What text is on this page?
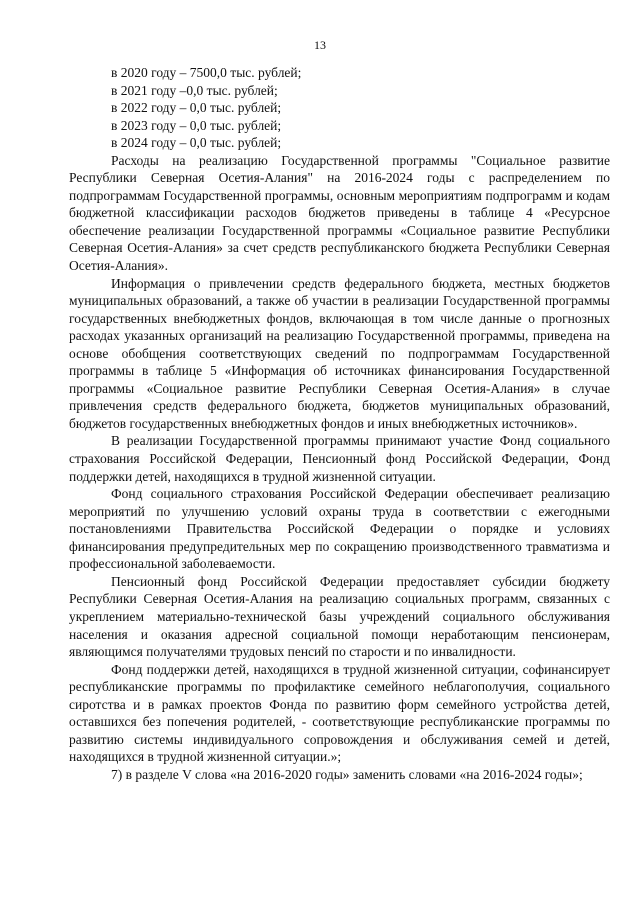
13

в 2020 году – 7500,0 тыс. рублей;

в 2021 году –0,0 тыс. рублей;

в 2022 году – 0,0 тыс. рублей;

в 2023 году – 0,0 тыс. рублей;

в 2024 году – 0,0 тыс. рублей;

Расходы на реализацию Государственной программы "Социальное развитие Республики Северная Осетия-Алания" на 2016-2024 годы с распределением по подпрограммам Государственной программы, основным мероприятиям подпрограмм и кодам бюджетной классификации расходов бюджетов приведены в таблице 4 «Ресурсное обеспечение реализации Государственной программы «Социальное развитие Республики Северная Осетия-Алания» за счет средств республиканского бюджета Республики Северная Осетия-Алания».

Информация о привлечении средств федерального бюджета, местных бюджетов муниципальных образований, а также об участии в реализации Государственной программы государственных внебюджетных фондов, включающая в том числе данные о прогнозных расходах указанных организаций на реализацию Государственной программы, приведена на основе обобщения соответствующих сведений по подпрограммам Государственной программы в таблице 5 «Информация об источниках финансирования Государственной программы «Социальное развитие Республики Северная Осетия-Алания» в случае привлечения средств федерального бюджета, бюджетов муниципальных образований, бюджетов государственных внебюджетных фондов и иных внебюджетных источников».

В реализации Государственной программы принимают участие Фонд социального страхования Российской Федерации, Пенсионный фонд Российской Федерации, Фонд поддержки детей, находящихся в трудной жизненной ситуации.

Фонд социального страхования Российской Федерации обеспечивает реализацию мероприятий по улучшению условий охраны труда в соответствии с ежегодными постановлениями Правительства Российской Федерации о порядке и условиях финансирования предупредительных мер по сокращению производственного травматизма и профессиональной заболеваемости.

Пенсионный фонд Российской Федерации предоставляет субсидии бюджету Республики Северная Осетия-Алания на реализацию социальных программ, связанных с укреплением материально-технической базы учреждений социального обслуживания населения и оказания адресной социальной помощи неработающим пенсионерам, являющимся получателями трудовых пенсий по старости и по инвалидности.

Фонд поддержки детей, находящихся в трудной жизненной ситуации, софинансирует республиканские программы по профилактике семейного неблагополучия, социального сиротства и в рамках проектов Фонда по развитию форм семейного устройства детей, оставшихся без попечения родителей, - соответствующие республиканские программы по развитию системы индивидуального сопровождения и обслуживания семей и детей, находящихся в трудной жизненной ситуации.»;

7) в разделе V слова «на 2016-2020 годы» заменить словами «на 2016-2024 годы»;
